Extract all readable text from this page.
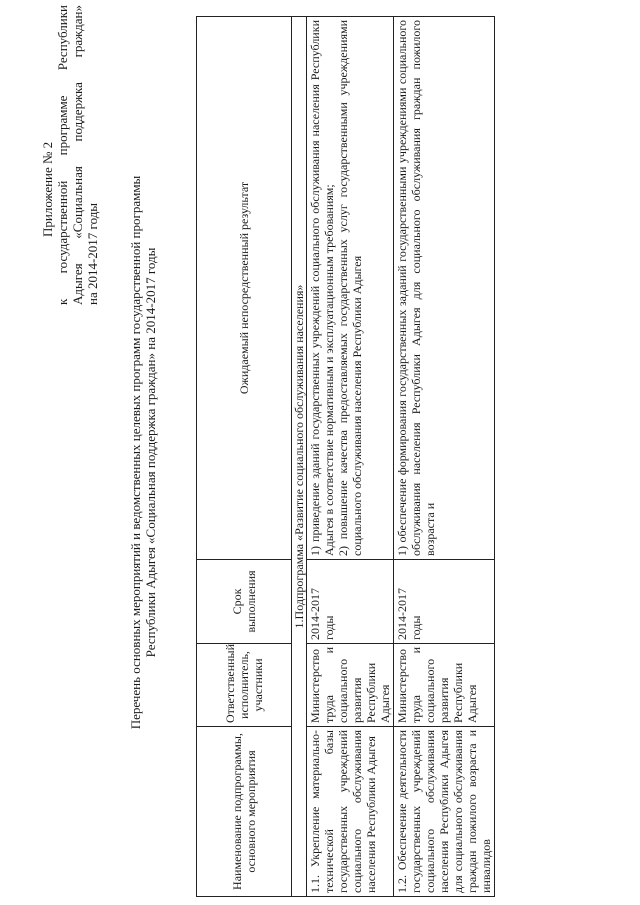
Приложение № 2 к государственной программе Республики Адыгея «Социальная поддержка граждан» на 2014-2017 годы Перечень основных мероприятий и ведомственных целевых программ государственной программы Республики Адыгея «Социальная поддержка граждан» на 2014-2017 годы
Наименование подпрограммы, основного мероприятия	Ответственный исполнитель, участники	Срок выполнения	Ожидаемый непосредственный результат
1.Подпрограмма «Развитие социального обслуживания населения»			
1.1. Укрепление материально-технической базы государственных учреждений социального обслуживания населения Республики Адыгея	Министерство труда и социального развития Республики Адыгея	2014-2017 годы	1) приведение зданий государственных учреждений социального обслуживания населения Республики Адыгея в соответствие нормативным и эксплуатационным требованиям; 2) повышение качества предоставляемых государственных услуг государственными учреждениями социального обслуживания населения Республики Адыгея

1.2. Обеспечение деятельности государственных учреждений социального обслуживания населения Республики Адыгея для социального обслуживания граждан пожилого возраста и инвалидов	Министерство труда и социального развития Республики Адыгея	2014-2017 годы	1) обеспечение формирования государственных заданий государственными учреждениями социального обслуживания населения Республики Адыгея для социального обслуживания граждан пожилого возраста и
